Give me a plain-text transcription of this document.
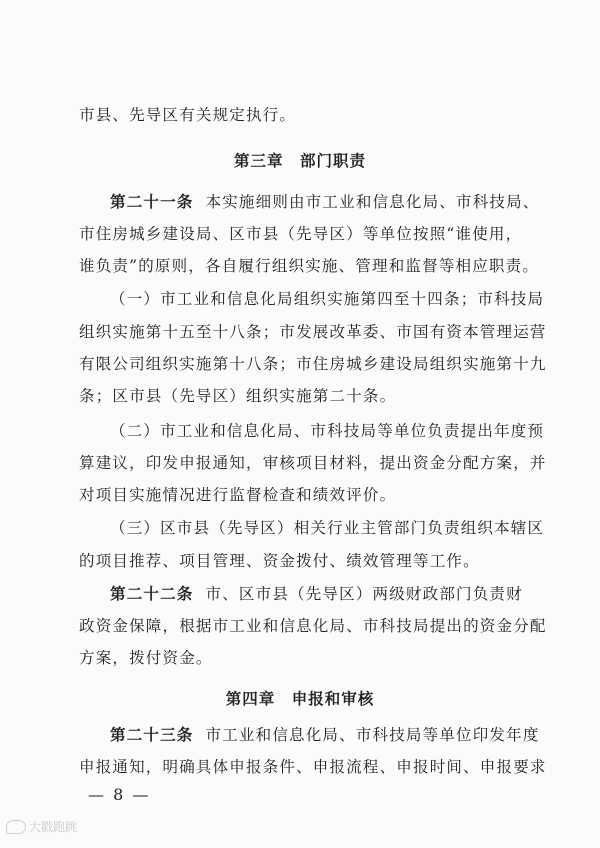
市县、先导区有关规定执行。
第三章　部门职责
第二十一条 本实施细则由市工业和信息化局、市科技局、
市住房城乡建设局、区市县（先导区）等单位按照“谁使用，
谁负责”的原则，各自履行组织实施、管理和监督等相应职责。
（一）市工业和信息化局组织实施第四至十四条；市科技局
组织实施第十五至十八条；市发展改革委、市国有资本管理运营
有限公司组织实施第十八条；市住房城乡建设局组织实施第十九
条；区市县（先导区）组织实施第二十条。
（二）市工业和信息化局、市科技局等单位负责提出年度预
算建议，印发申报通知，审核项目材料，提出资金分配方案，并
对项目实施情况进行监督检查和绩效评价。
（三）区市县（先导区）相关行业主管部门负责组织本辖区
的项目推荐、项目管理、资金拨付、绩效管理等工作。
第二十二条 市、区市县（先导区）两级财政部门负责财
政资金保障，根据市工业和信息化局、市科技局提出的资金分配
方案，拨付资金。
第四章　申报和审核
第二十三条 市工业和信息化局、市科技局等单位印发年度
申报通知，明确具体申报条件、申报流程、申报时间、申报要求
— 8 —
大戳跑跳
